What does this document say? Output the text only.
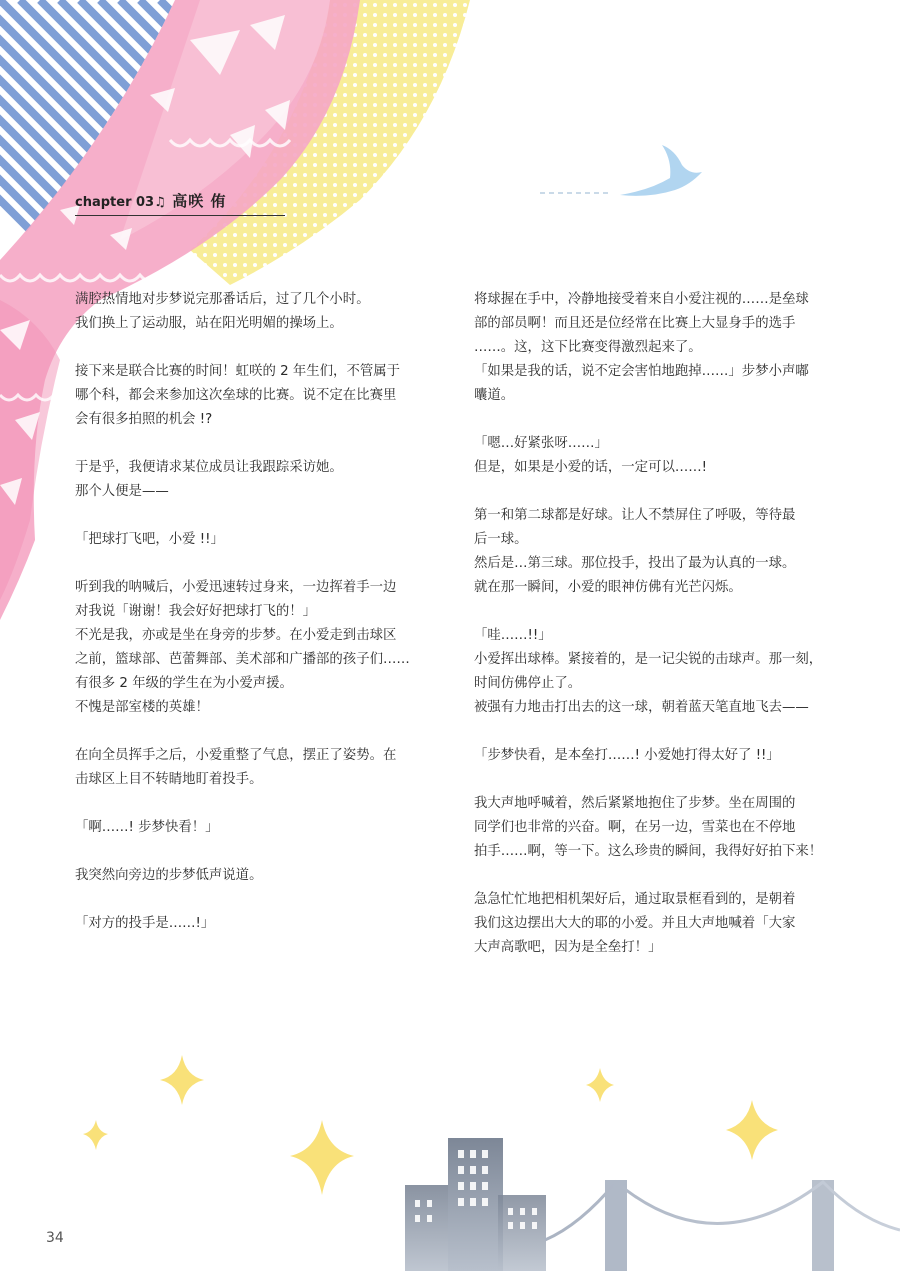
chapter 03♫ 高咲 侑

满腔热情地对步梦说完那番话后，过了几个小时。
我们换上了运动服，站在阳光明媚的操场上。

接下来是联合比赛的时间！虹咲的 2 年生们，不管属于
哪个科，都会来参加这次垒球的比赛。说不定在比赛里
会有很多拍照的机会 !?

于是乎，我便请求某位成员让我跟踪采访她。
那个人便是——

「把球打飞吧，小爱 !!」

听到我的呐喊后，小爱迅速转过身来，一边挥着手一边
对我说「谢谢！我会好好把球打飞的！」
不光是我，亦或是坐在身旁的步梦。在小爱走到击球区
之前，篮球部、芭蕾舞部、美术部和广播部的孩子们……
有很多 2 年级的学生在为小爱声援。
不愧是部室楼的英雄！

在向全员挥手之后，小爱重整了气息，摆正了姿势。在
击球区上目不转睛地盯着投手。

「啊……! 步梦快看！」

我突然向旁边的步梦低声说道。

「对方的投手是……!」

将球握在手中，冷静地接受着来自小爱注视的……是垒球
部的部员啊！而且还是位经常在比赛上大显身手的选手
……。这，这下比赛变得激烈起来了。
「如果是我的话，说不定会害怕地跑掉……」步梦小声嘟
囔道。

「嗯…好紧张呀……」
但是，如果是小爱的话，一定可以……!

第一和第二球都是好球。让人不禁屏住了呼吸，等待最
后一球。
然后是…第三球。那位投手，投出了最为认真的一球。
就在那一瞬间，小爱的眼神仿佛有光芒闪烁。

「哇……!!」
小爱挥出球棒。紧接着的，是一记尖锐的击球声。那一刻，
时间仿佛停止了。
被强有力地击打出去的这一球，朝着蓝天笔直地飞去——

「步梦快看，是本垒打……! 小爱她打得太好了 !!」

我大声地呼喊着，然后紧紧地抱住了步梦。坐在周围的
同学们也非常的兴奋。啊，在另一边，雪菜也在不停地
拍手……啊，等一下。这么珍贵的瞬间，我得好好拍下来！

急急忙忙地把相机架好后，通过取景框看到的，是朝着
我们这边摆出大大的耶的小爱。并且大声地喊着「大家
大声高歌吧，因为是全垒打！」

34
